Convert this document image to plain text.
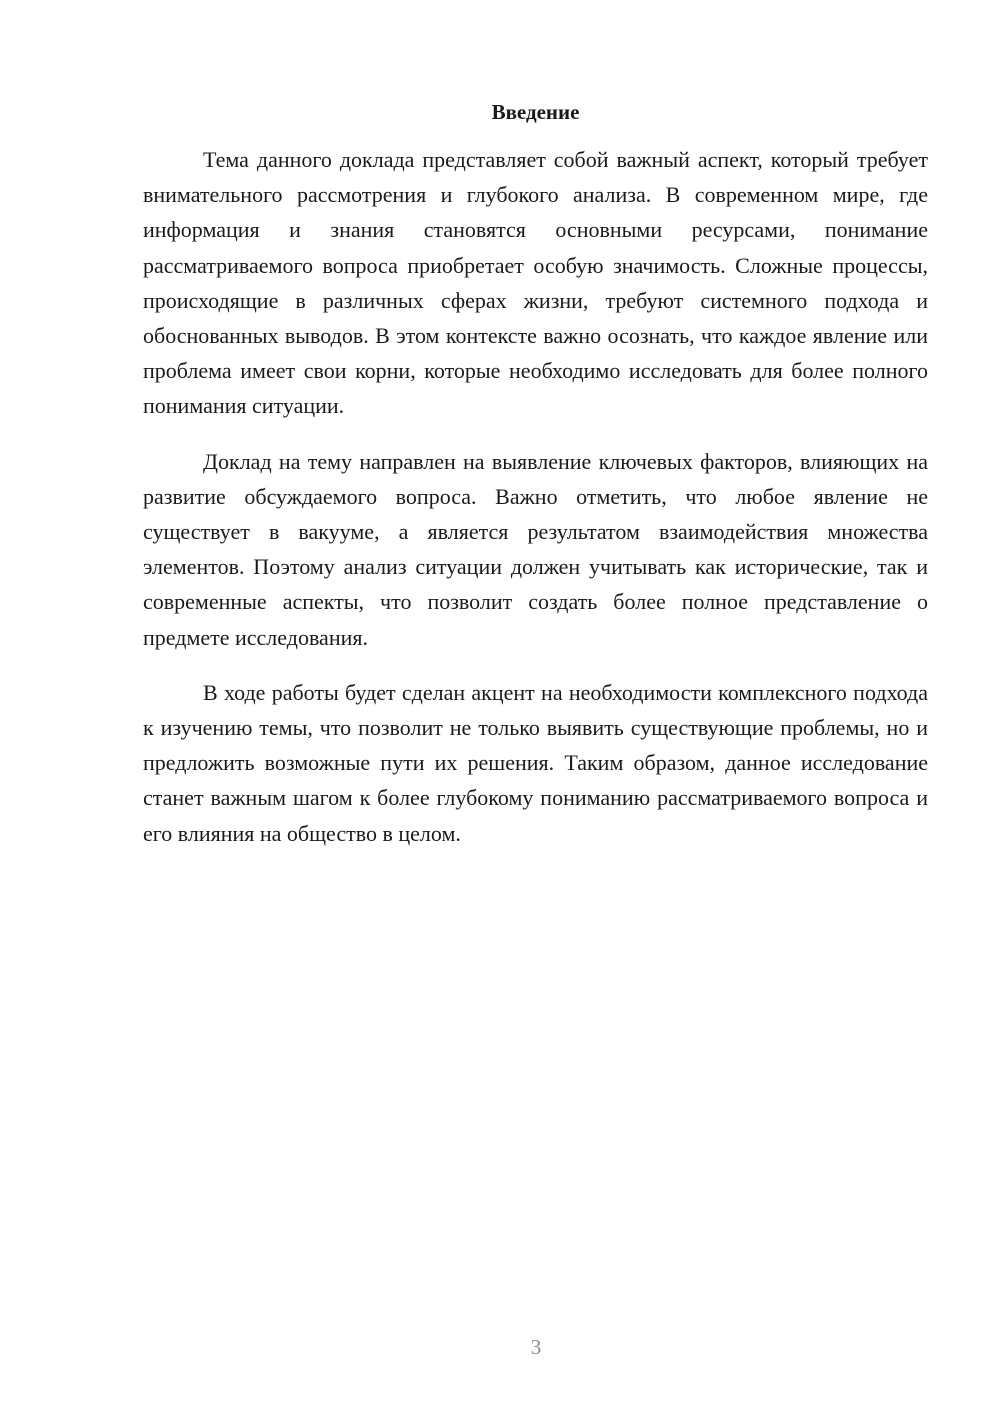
Введение

Тема данного доклада представляет собой важный аспект, который требует внимательного рассмотрения и глубокого анализа. В современном мире, где информация и знания становятся основными ресурсами, понимание рассматриваемого вопроса приобретает особую значимость. Сложные процессы, происходящие в различных сферах жизни, требуют системного подхода и обоснованных выводов. В этом контексте важно осознать, что каждое явление или проблема имеет свои корни, которые необходимо исследовать для более полного понимания ситуации.

Доклад на тему направлен на выявление ключевых факторов, влияющих на развитие обсуждаемого вопроса. Важно отметить, что любое явление не существует в вакууме, а является результатом взаимодействия множества элементов. Поэтому анализ ситуации должен учитывать как исторические, так и современные аспекты, что позволит создать более полное представление о предмете исследования.

В ходе работы будет сделан акцент на необходимости комплексного подхода к изучению темы, что позволит не только выявить существующие проблемы, но и предложить возможные пути их решения. Таким образом, данное исследование станет важным шагом к более глубокому пониманию рассматриваемого вопроса и его влияния на общество в целом.

3
